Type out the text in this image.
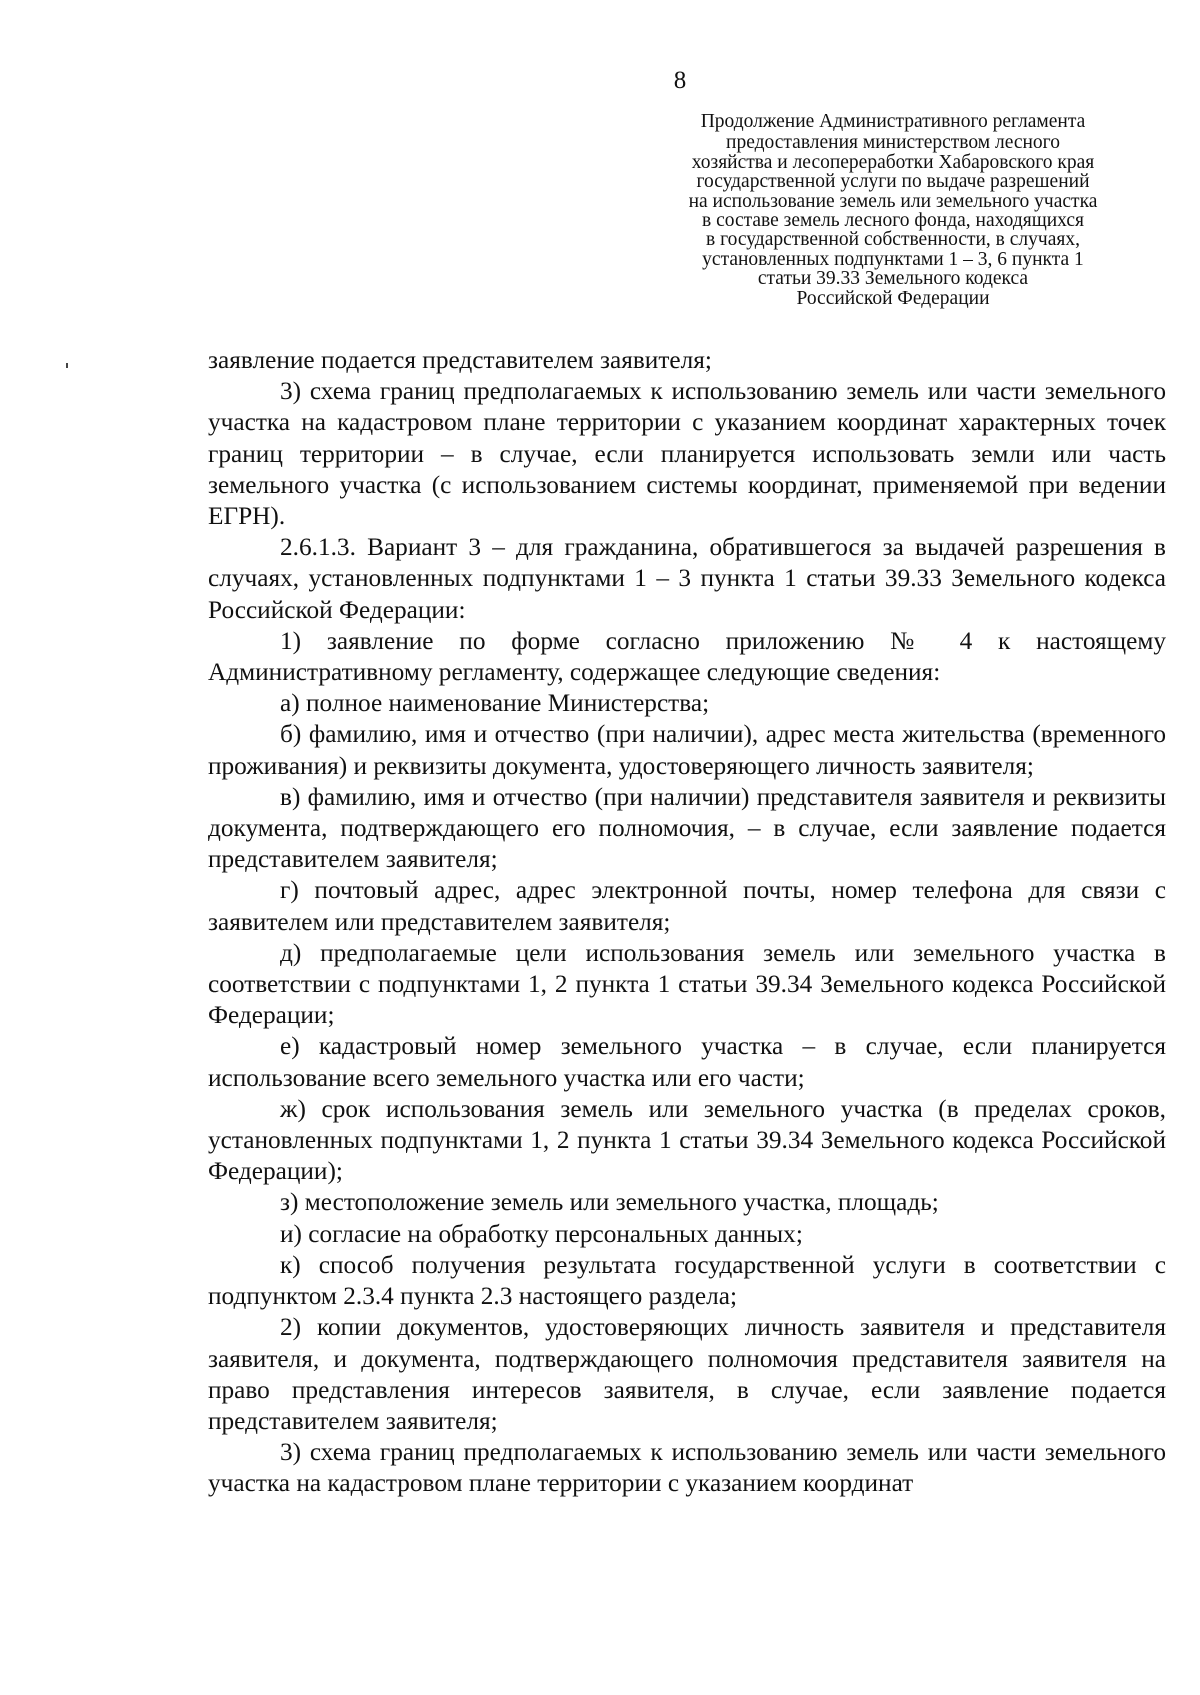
8
Продолжение Административного регламента
предоставления министерством лесного
хозяйства и лесопереработки Хабаровского края
государственной услуги по выдаче разрешений
на использование земель или земельного участка
в составе земель лесного фонда, находящихся
в государственной собственности, в случаях,
установленных подпунктами 1 – 3, 6 пункта 1
статьи 39.33 Земельного кодекса
Российской Федерации

заявление подается представителем заявителя;

3) схема границ предполагаемых к использованию земель или части земельного участка на кадастровом плане территории с указанием координат характерных точек границ территории – в случае, если планируется использовать земли или часть земельного участка (с использованием системы координат, применяемой при ведении ЕГРН).

2.6.1.3. Вариант 3 – для гражданина, обратившегося за выдачей разрешения в случаях, установленных подпунктами 1 – 3 пункта 1 статьи 39.33 Земельного кодекса Российской Федерации:

1) заявление по форме согласно приложению № 4 к настоящему Административному регламенту, содержащее следующие сведения:

а) полное наименование Министерства;

б) фамилию, имя и отчество (при наличии), адрес места жительства (временного проживания) и реквизиты документа, удостоверяющего личность заявителя;

в) фамилию, имя и отчество (при наличии) представителя заявителя и реквизиты документа, подтверждающего его полномочия, – в случае, если заявление подается представителем заявителя;

г) почтовый адрес, адрес электронной почты, номер телефона для связи с заявителем или представителем заявителя;

д) предполагаемые цели использования земель или земельного участка в соответствии с подпунктами 1, 2 пункта 1 статьи 39.34 Земельного кодекса Российской Федерации;

е) кадастровый номер земельного участка – в случае, если планируется использование всего земельного участка или его части;

ж) срок использования земель или земельного участка (в пределах сроков, установленных подпунктами 1, 2 пункта 1 статьи 39.34 Земельного кодекса Российской Федерации);

з) местоположение земель или земельного участка, площадь;

и) согласие на обработку персональных данных;

к) способ получения результата государственной услуги в соответствии с подпунктом 2.3.4 пункта 2.3 настоящего раздела;

2) копии документов, удостоверяющих личность заявителя и представителя заявителя, и документа, подтверждающего полномочия представителя заявителя на право представления интересов заявителя, в случае, если заявление подается представителем заявителя;

3) схема границ предполагаемых к использованию земель или части земельного участка на кадастровом плане территории с указанием координат
